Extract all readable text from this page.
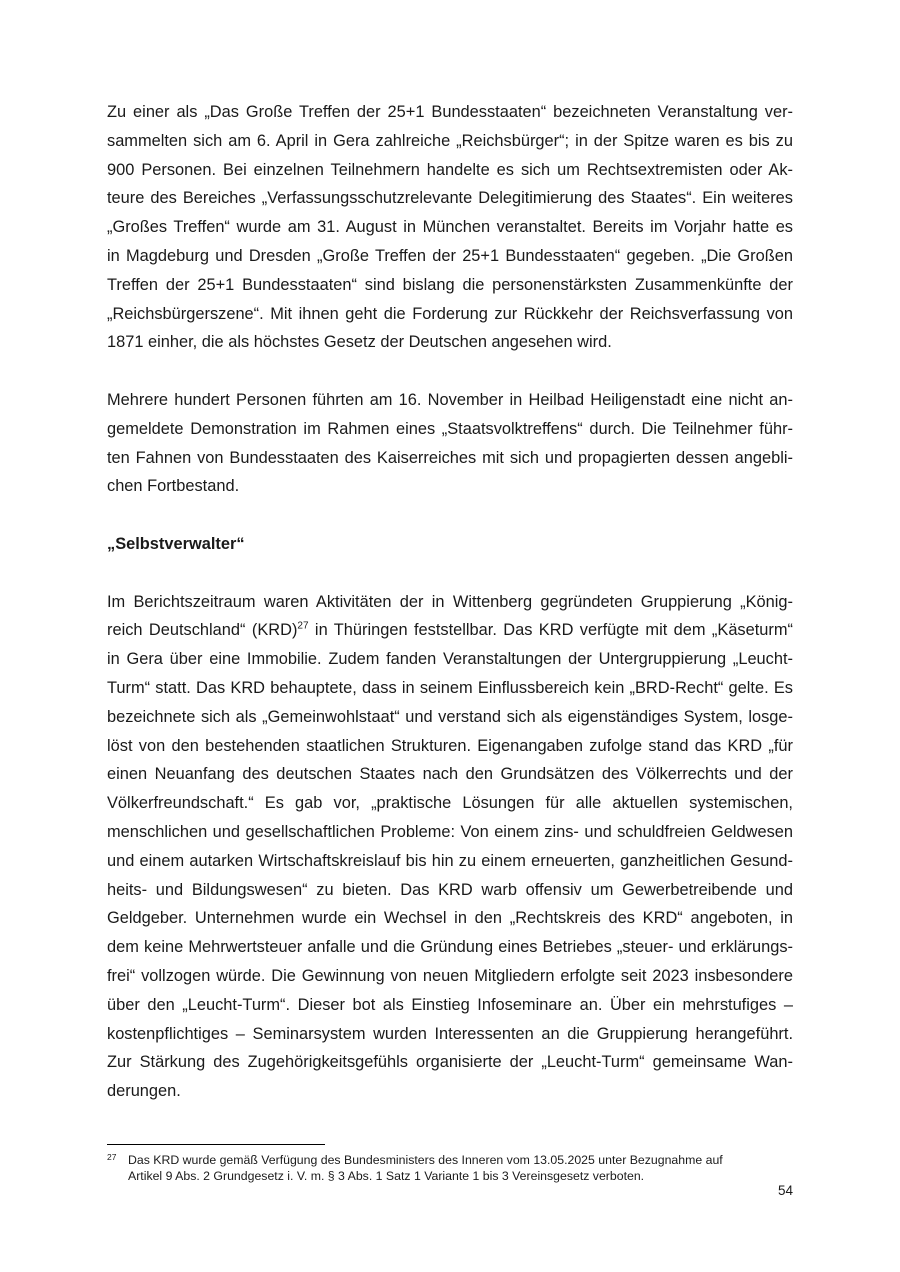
Zu einer als „Das Große Treffen der 25+1 Bundesstaaten“ bezeichneten Veranstaltung ver-
sammelten sich am 6. April in Gera zahlreiche „Reichsbürger“; in der Spitze waren es bis zu
900 Personen. Bei einzelnen Teilnehmern handelte es sich um Rechtsextremisten oder Ak-
teure des Bereiches „Verfassungsschutzrelevante Delegitimierung des Staates“. Ein weiteres
„Großes Treffen“ wurde am 31. August in München veranstaltet. Bereits im Vorjahr hatte es
in Magdeburg und Dresden „Große Treffen der 25+1 Bundesstaaten“ gegeben. „Die Großen
Treffen der 25+1 Bundesstaaten“ sind bislang die personenstärksten Zusammenkünfte der
„Reichsbürgerszene“. Mit ihnen geht die Forderung zur Rückkehr der Reichsverfassung von
1871 einher, die als höchstes Gesetz der Deutschen angesehen wird.
Mehrere hundert Personen führten am 16. November in Heilbad Heiligenstadt eine nicht an-
gemeldete Demonstration im Rahmen eines „Staatsvolktreffens“ durch. Die Teilnehmer führ-
ten Fahnen von Bundesstaaten des Kaiserreiches mit sich und propagierten dessen angebli-
chen Fortbestand.
„Selbstverwalter“
Im Berichtszeitraum waren Aktivitäten der in Wittenberg gegründeten Gruppierung „König-
reich Deutschland“ (KRD)$^{27}$ in Thüringen feststellbar. Das KRD verfügte mit dem „Käseturm“
in Gera über eine Immobilie. Zudem fanden Veranstaltungen der Untergruppierung „Leucht-
Turm“ statt. Das KRD behauptete, dass in seinem Einflussbereich kein „BRD-Recht“ gelte. Es
bezeichnete sich als „Gemeinwohlstaat“ und verstand sich als eigenständiges System, losge-
löst von den bestehenden staatlichen Strukturen. Eigenangaben zufolge stand das KRD „für
einen Neuanfang des deutschen Staates nach den Grundsätzen des Völkerrechts und der
Völkerfreundschaft.“ Es gab vor, „praktische Lösungen für alle aktuellen systemischen,
menschlichen und gesellschaftlichen Probleme: Von einem zins- und schuldfreien Geldwesen
und einem autarken Wirtschaftskreislauf bis hin zu einem erneuerten, ganzheitlichen Gesund-
heits- und Bildungswesen“ zu bieten. Das KRD warb offensiv um Gewerbetreibende und
Geldgeber. Unternehmen wurde ein Wechsel in den „Rechtskreis des KRD“ angeboten, in
dem keine Mehrwertsteuer anfalle und die Gründung eines Betriebes „steuer- und erklärungs-
frei“ vollzogen würde. Die Gewinnung von neuen Mitgliedern erfolgte seit 2023 insbesondere
über den „Leucht-Turm“. Dieser bot als Einstieg Infoseminare an. Über ein mehrstufiges –
kostenpflichtiges – Seminarsystem wurden Interessenten an die Gruppierung herangeführt.
Zur Stärkung des Zugehörigkeitsgefühls organisierte der „Leucht-Turm“ gemeinsame Wan-
derungen.
27 Das KRD wurde gemäß Verfügung des Bundesministers des Inneren vom 13.05.2025 unter Bezugnahme auf
Artikel 9 Abs. 2 Grundgesetz i. V. m. § 3 Abs. 1 Satz 1 Variante 1 bis 3 Vereinsgesetz verboten.
54
